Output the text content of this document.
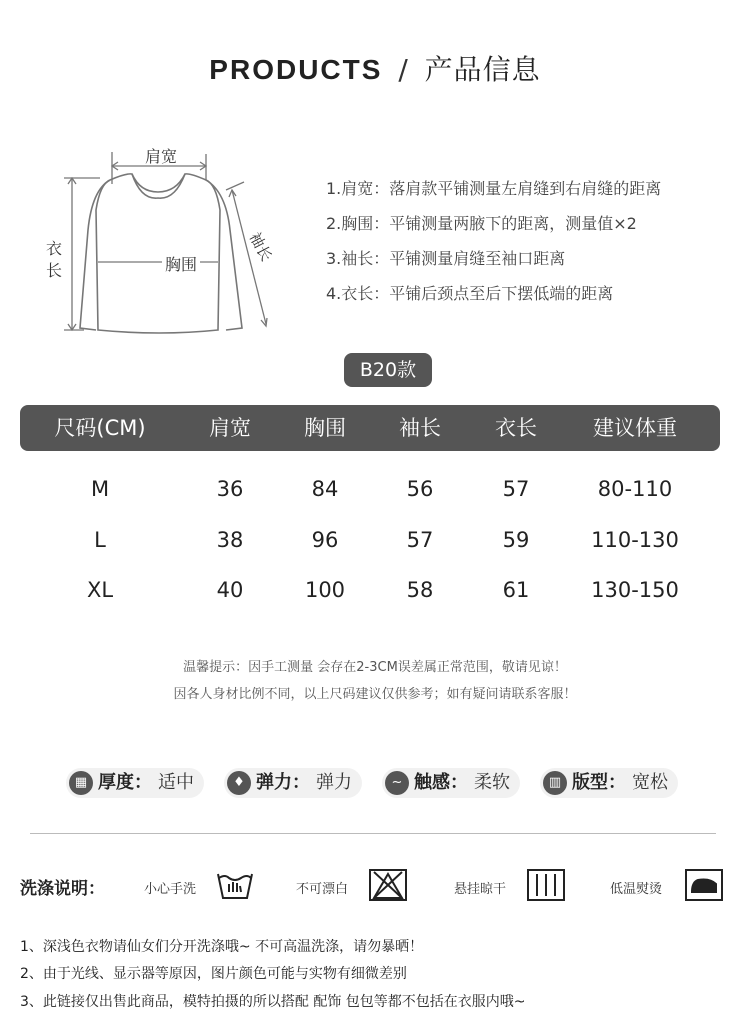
PRODUCTS / 产品信息
肩宽
衣长	胸围
袖长
1.肩宽：落肩款平铺测量左肩缝到右肩缝的距离
2.胸围：平铺测量两腋下的距离，测量值×2
3.袖长：平铺测量肩缝至袖口距离
4.衣长：平铺后颈点至后下摆低端的距离
B20款
尺码(CM)	肩宽	胸围	袖长	衣长	建议体重
M	36	84	56	57	80-110
L	38	96	57	59	110-130
XL	40	100	58	61	130-150
温馨提示：因手工测量 会存在2-3CM误差属正常范围，敬请见谅！
因各人身材比例不同，以上尺码建议仅供参考；如有疑问请联系客服！
▦ 厚度： 适中	♦ 弹力： 弹力	~ 触感： 柔软	▥ 版型： 宽松
洗涤说明：	小心手洗	不可漂白	悬挂晾干	低温熨烫
1、深浅色衣物请仙女们分开洗涤哦~ 不可高温洗涤，请勿暴晒！
2、由于光线、显示器等原因，图片颜色可能与实物有细微差别
3、此链接仅出售此商品，模特拍摄的所以搭配 配饰 包包等都不包括在衣服内哦~
